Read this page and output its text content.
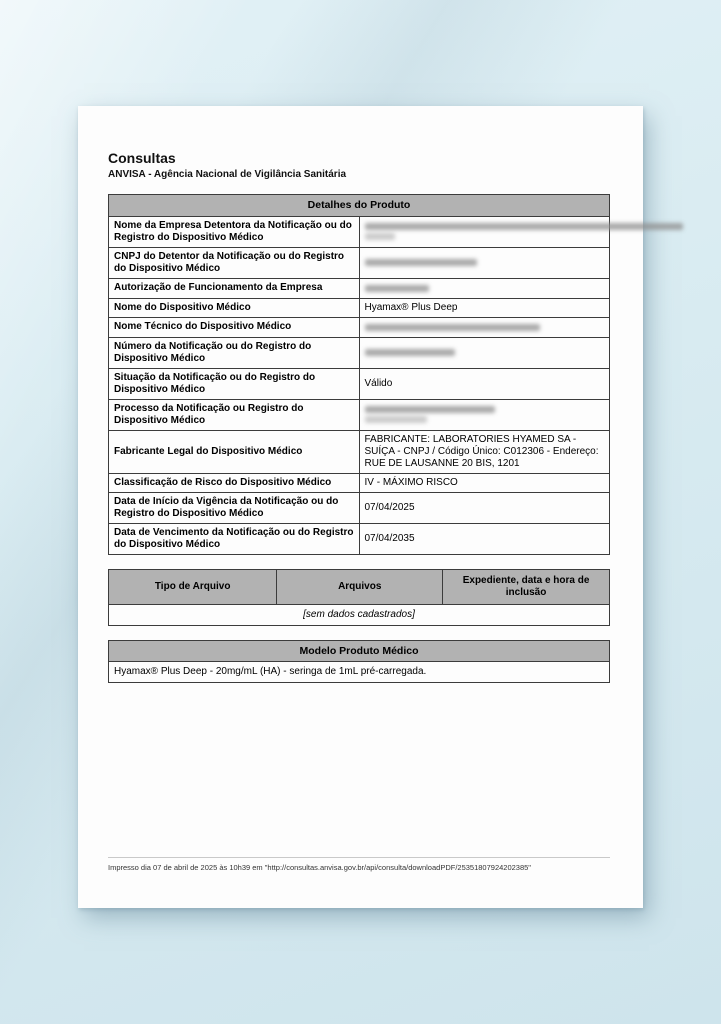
Consultas
ANVISA - Agência Nacional de Vigilância Sanitária
Detalhes do Produto	
Nome da Empresa Detentora da Notificação ou do Registro do Dispositivo Médico	

CNPJ do Detentor da Notificação ou do Registro do Dispositivo Médico	

Autorização de Funcionamento da Empresa	

Nome do Dispositivo Médico	Hyamax® Plus Deep
Nome Técnico do Dispositivo Médico	

Número da Notificação ou do Registro do Dispositivo Médico	

Situação da Notificação ou do Registro do Dispositivo Médico	Válido
Processo da Notificação ou Registro do Dispositivo Médico	

Fabricante Legal do Dispositivo Médico	FABRICANTE: LABORATORIES HYAMED SA - SUÍÇA - CNPJ / Código Único: C012306 - Endereço: RUE DE LAUSANNE 20 BIS, 1201
Classificação de Risco do Dispositivo Médico	IV - MÁXIMO RISCO
Data de Início da Vigência da Notificação ou do Registro do Dispositivo Médico	07/04/2025
Data de Vencimento da Notificação ou do Registro do Dispositivo Médico	07/04/2035
Tipo de Arquivo	Arquivos	Expediente, data e hora de inclusão
[sem dados cadastrados]
Modelo Produto Médico
Hyamax® Plus Deep - 20mg/mL (HA) - seringa de 1mL pré-carregada.
Impresso dia 07 de abril de 2025 às 10h39 em "http://consultas.anvisa.gov.br/api/consulta/downloadPDF/25351807924202385"
